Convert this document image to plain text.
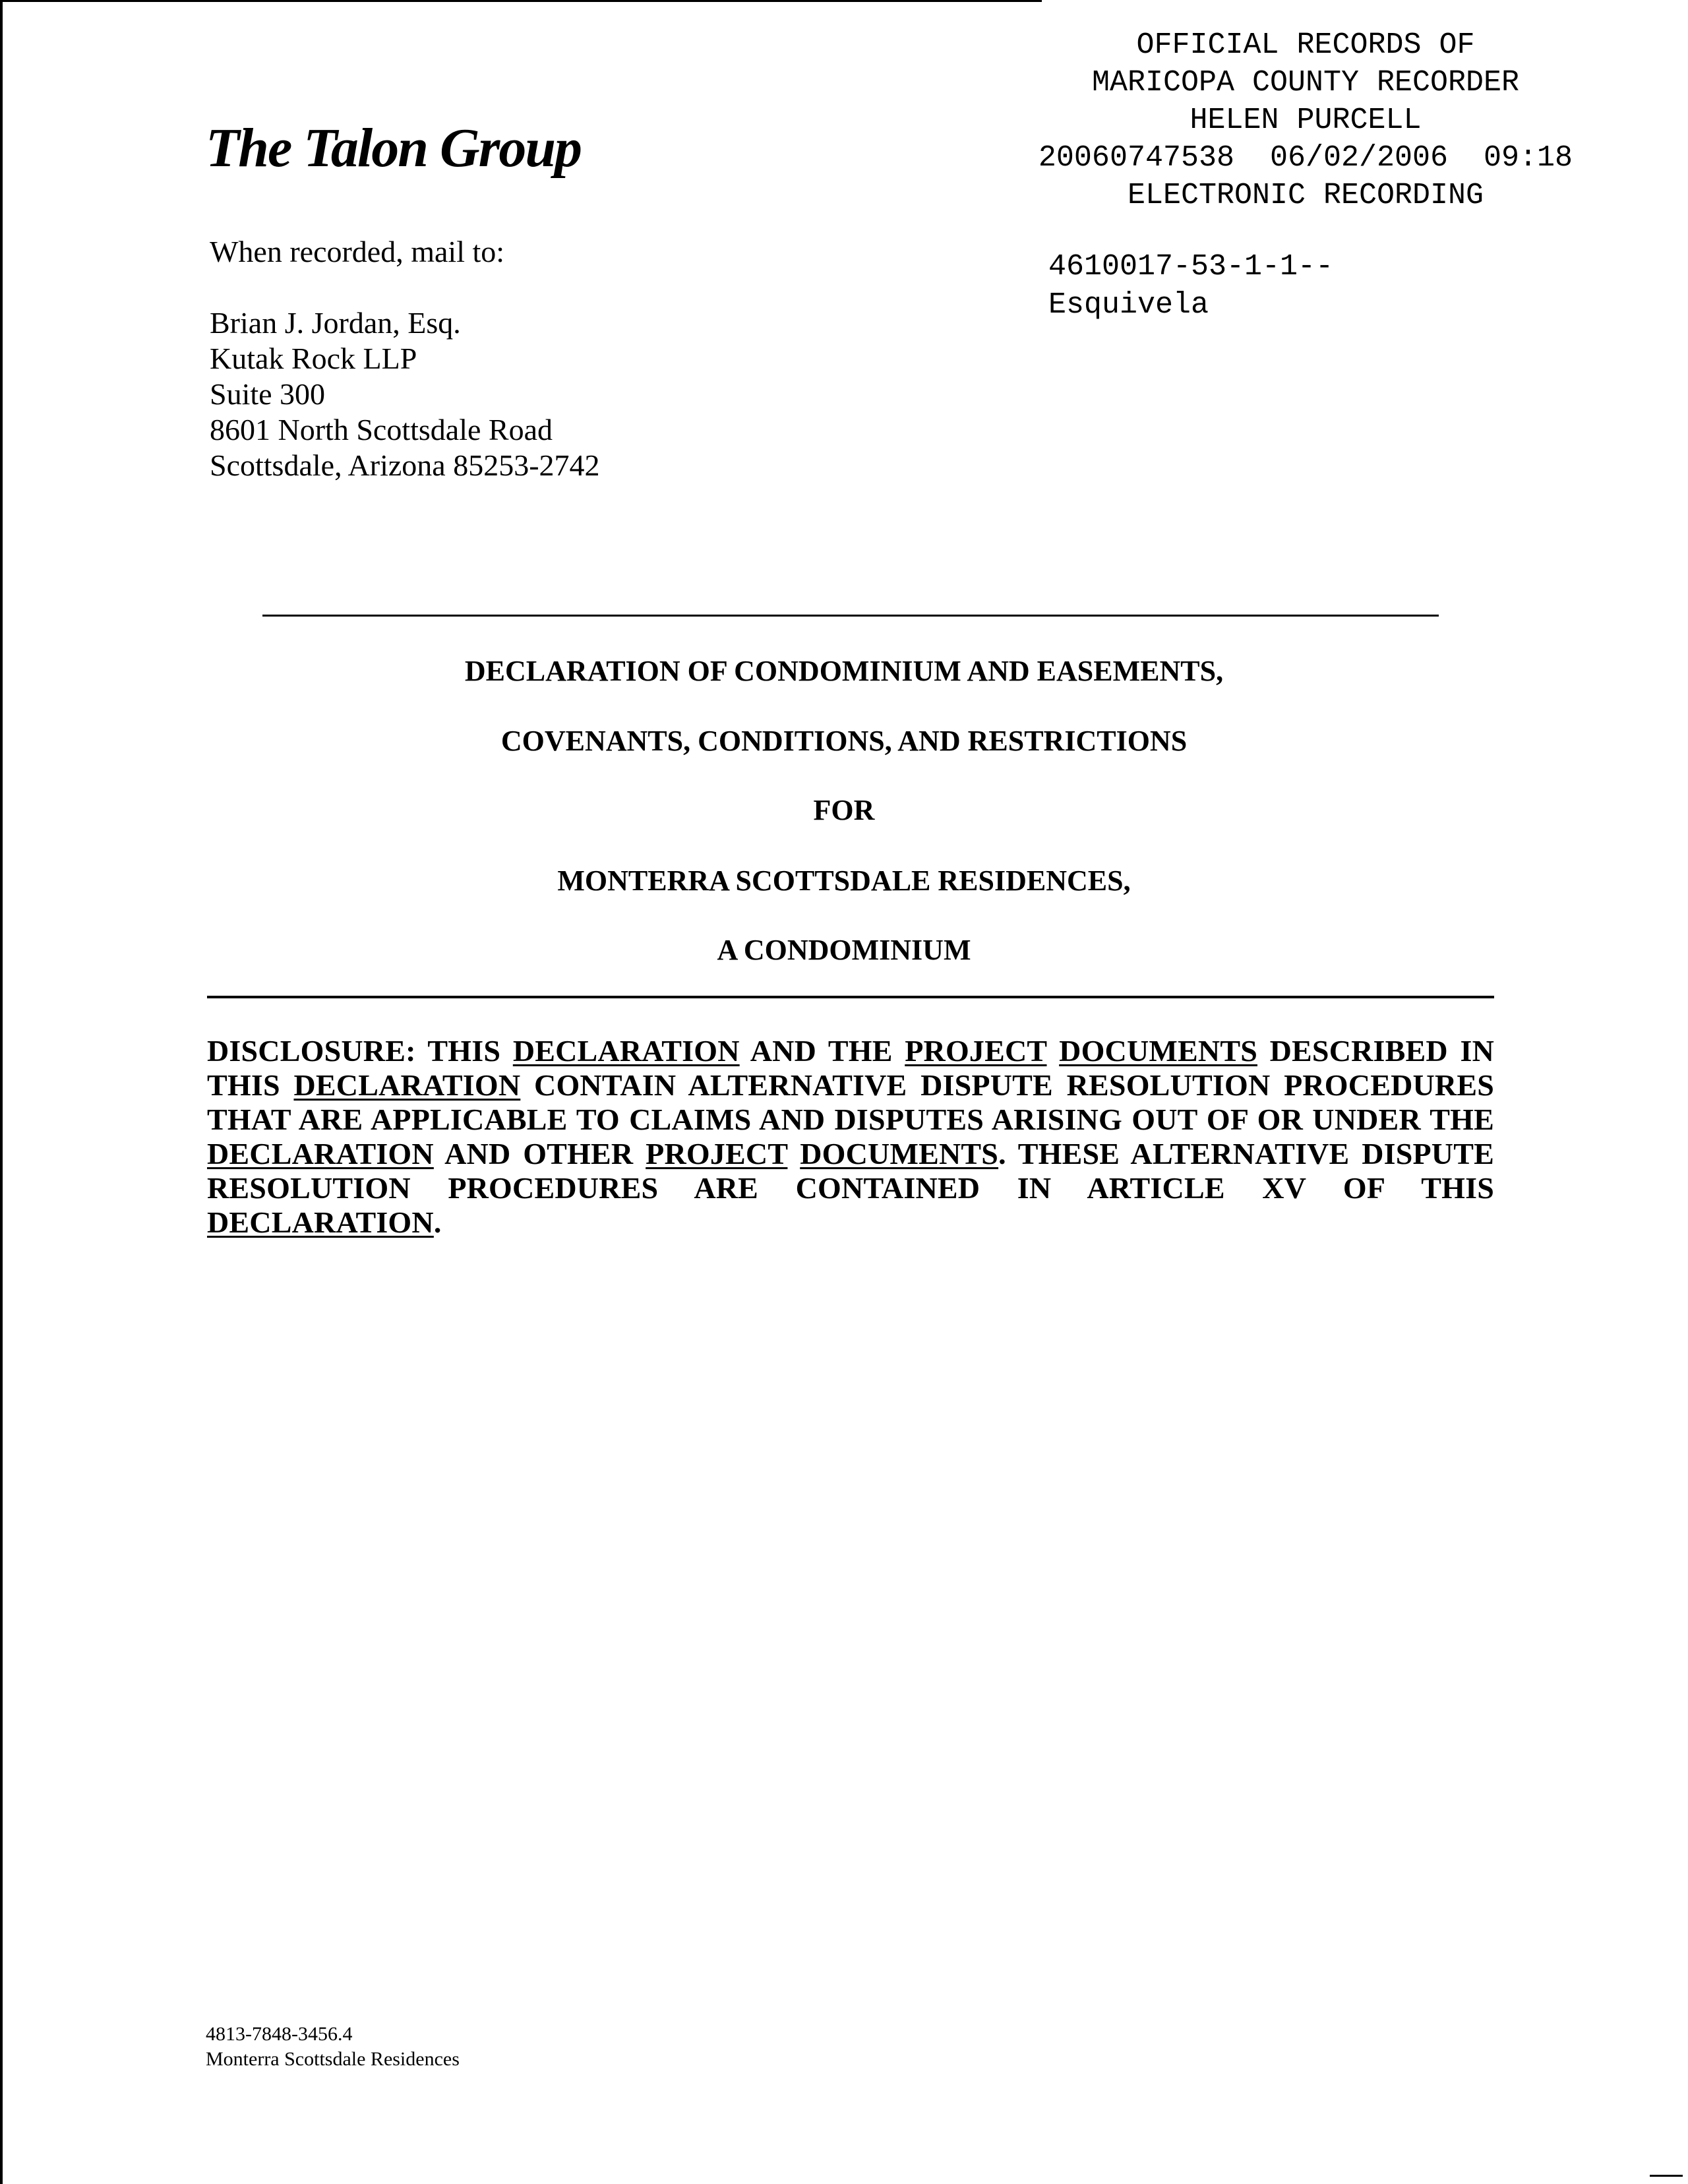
The Talon Group
OFFICIAL RECORDS OF
MARICOPA COUNTY RECORDER
HELEN PURCELL
20060747538  06/02/2006  09:18
ELECTRONIC RECORDING
4610017-53-1-1--
Esquivela
When recorded, mail to:
Brian J. Jordan, Esq.
Kutak Rock LLP
Suite 300
8601 North Scottsdale Road
Scottsdale, Arizona 85253-2742
DECLARATION OF CONDOMINIUM AND EASEMENTS,
COVENANTS, CONDITIONS, AND RESTRICTIONS
FOR
MONTERRA SCOTTSDALE RESIDENCES,
A CONDOMINIUM
DISCLOSURE: THIS DECLARATION AND THE PROJECT DOCUMENTS DESCRIBED IN THIS DECLARATION CONTAIN ALTERNATIVE DISPUTE RESOLUTION PROCEDURES THAT ARE APPLICABLE TO CLAIMS AND DISPUTES ARISING OUT OF OR UNDER THE DECLARATION AND OTHER PROJECT DOCUMENTS. THESE ALTERNATIVE DISPUTE RESOLUTION PROCEDURES ARE CONTAINED IN ARTICLE XV OF THIS DECLARATION.
4813-7848-3456.4
Monterra Scottsdale Residences
